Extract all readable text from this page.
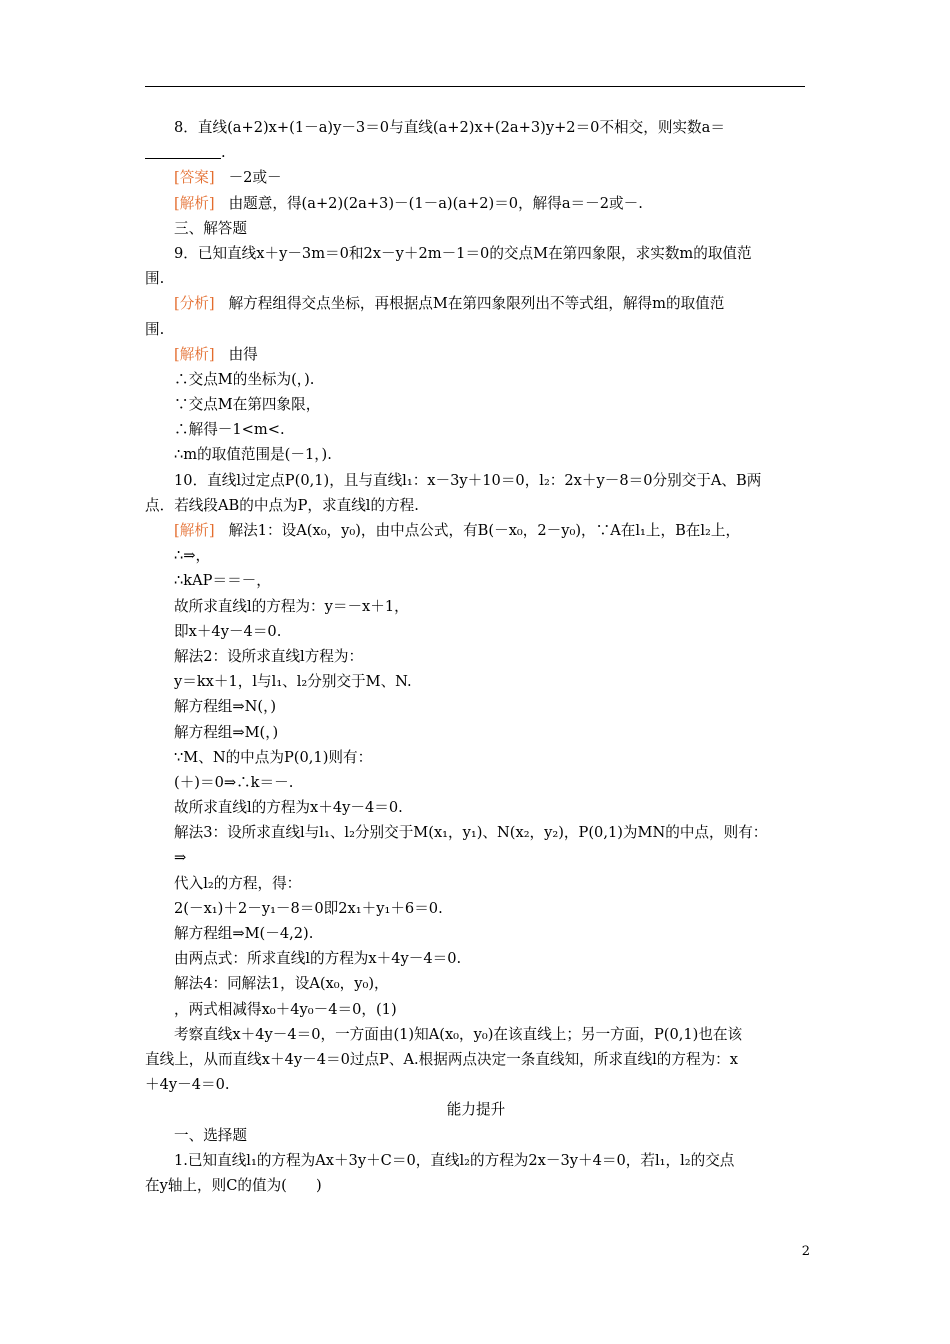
8．直线(a+2)x+(1－a)y－3＝0与直线(a+2)x+(2a+3)y+2＝0不相交，则实数a＝
.
[答案] －2或－
[解析] 由题意，得(a+2)(2a+3)－(1－a)(a+2)＝0，解得a＝－2或－.
三、解答题
9．已知直线x＋y－3m＝0和2x－y＋2m－1＝0的交点M在第四象限，求实数m的取值范
围.
[分析] 解方程组得交点坐标，再根据点M在第四象限列出不等式组，解得m的取值范
围.
[解析] 由得
∴交点M的坐标为(，).
∵交点M在第四象限，
∴解得－1<m<.
∴m的取值范围是(－1，).
10．直线l过定点P(0,1)，且与直线l₁：x－3y＋10＝0，l₂：2x＋y－8＝0分别交于A、B两
点．若线段AB的中点为P，求直线l的方程.
[解析] 解法1：设A(x₀，y₀)，由中点公式，有B(－x₀，2－y₀)，∵A在l₁上，B在l₂上，
∴⇒，
∴kAP＝＝－，
故所求直线l的方程为：y＝－x＋1，
即x＋4y－4＝0.
解法2：设所求直线l方程为：
y＝kx＋1，l与l₁、l₂分别交于M、N.
解方程组⇒N(，)
解方程组⇒M(，)
∵M、N的中点为P(0,1)则有：
(＋)＝0⇒∴k＝－.
故所求直线l的方程为x＋4y－4＝0.
解法3：设所求直线l与l₁、l₂分别交于M(x₁，y₁)、N(x₂，y₂)，P(0,1)为MN的中点，则有：
⇒
代入l₂的方程，得：
2(－x₁)＋2－y₁－8＝0即2x₁＋y₁＋6＝0.
解方程组⇒M(－4,2).
由两点式：所求直线l的方程为x＋4y－4＝0.
解法4：同解法1，设A(x₀，y₀)，
，两式相减得x₀＋4y₀－4＝0，(1)
考察直线x＋4y－4＝0，一方面由(1)知A(x₀，y₀)在该直线上；另一方面，P(0,1)也在该
直线上，从而直线x＋4y－4＝0过点P、A.根据两点决定一条直线知，所求直线l的方程为：x
＋4y－4＝0.
能力提升
一、选择题
1.已知直线l₁的方程为Ax＋3y＋C＝0，直线l₂的方程为2x－3y＋4＝0，若l₁，l₂的交点
在y轴上，则C的值为(　　)
2
